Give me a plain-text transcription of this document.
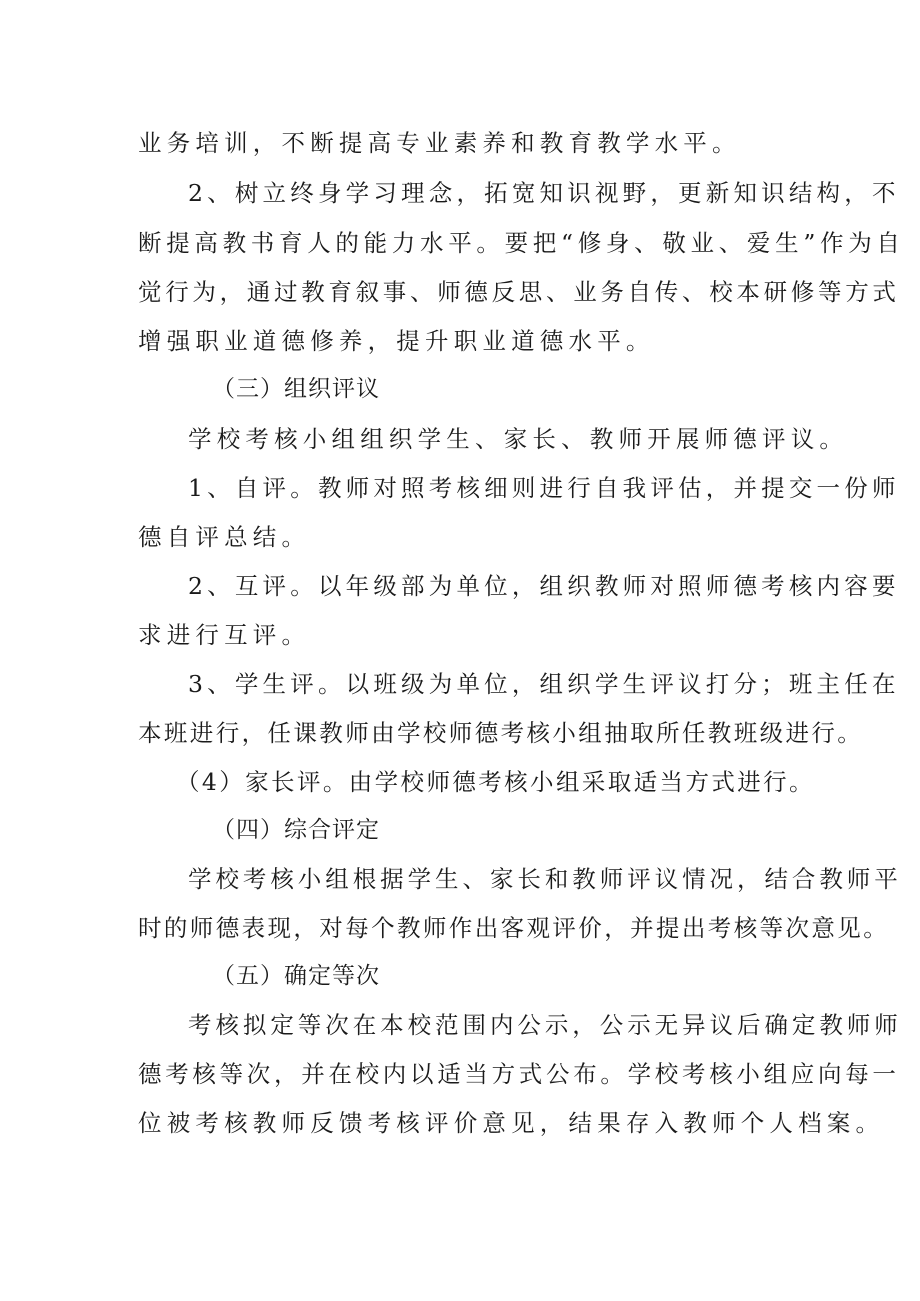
业务培训，不断提高专业素养和教育教学水平。
2、树立终身学习理念，拓宽知识视野，更新知识结构，不
断提高教书育人的能力水平。要把“修身、敬业、爱生”作为自
觉行为，通过教育叙事、师德反思、业务自传、校本研修等方式
增强职业道德修养，提升职业道德水平。
（三）组织评议
学校考核小组组织学生、家长、教师开展师德评议。
1、自评。教师对照考核细则进行自我评估，并提交一份师
德自评总结。
2、互评。以年级部为单位，组织教师对照师德考核内容要
求进行互评。
3、学生评。以班级为单位，组织学生评议打分；班主任在
本班进行，任课教师由学校师德考核小组抽取所任教班级进行。
（4）家长评。由学校师德考核小组采取适当方式进行。
（四）综合评定
学校考核小组根据学生、家长和教师评议情况，结合教师平
时的师德表现，对每个教师作出客观评价，并提出考核等次意见。
（五）确定等次
考核拟定等次在本校范围内公示，公示无异议后确定教师师
德考核等次，并在校内以适当方式公布。学校考核小组应向每一
位被考核教师反馈考核评价意见，结果存入教师个人档案。
